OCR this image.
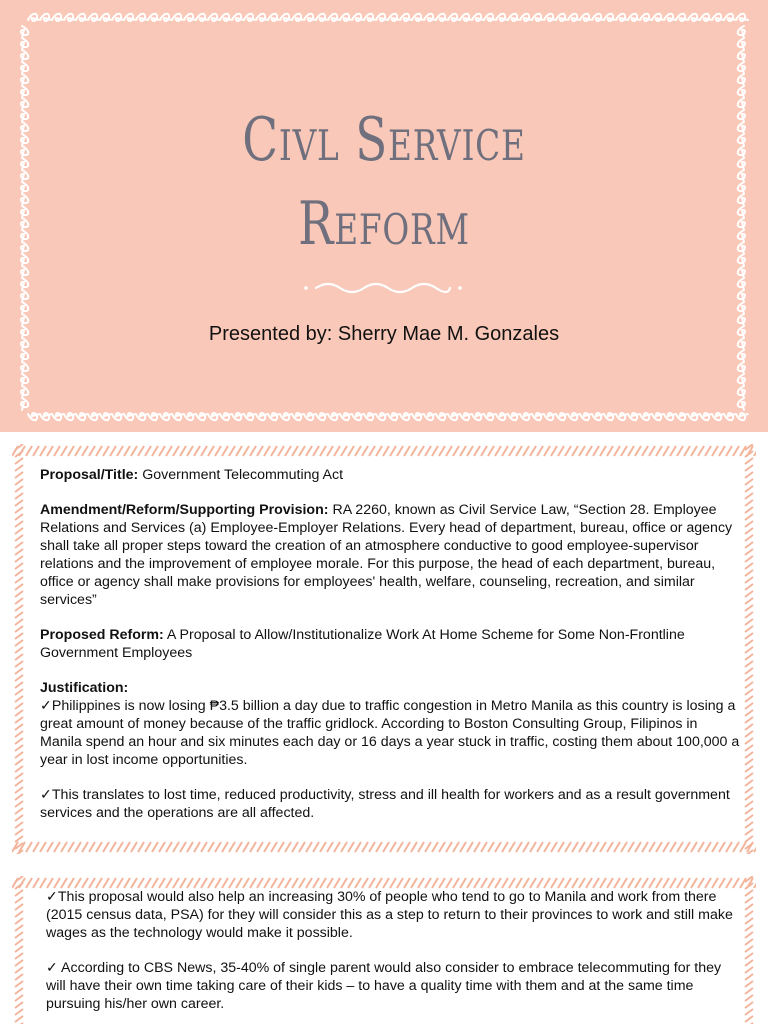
Civl Service
Reform
Presented by: Sherry Mae M. Gonzales

Proposal/Title: Government Telecommuting Act

Amendment/Reform/Supporting Provision: RA 2260, known as Civil Service Law, “Section 28. Employee Relations and Services (a) Employee-Employer Relations. Every head of department, bureau, office or agency shall take all proper steps toward the creation of an atmosphere conductive to good employee-supervisor relations and the improvement of employee morale. For this purpose, the head of each department, bureau, office or agency shall make provisions for employees' health, welfare, counseling, recreation, and similar services”

Proposed Reform: A Proposal to Allow/Institutionalize Work At Home Scheme for Some Non-Frontline Government Employees

Justification:

✓Philippines is now losing ₱3.5 billion a day due to traffic congestion in Metro Manila as this country is losing a great amount of money because of the traffic gridlock. According to Boston Consulting Group, Filipinos in Manila spend an hour and six minutes each day or 16 days a year stuck in traffic, costing them about 100,000 a year in lost income opportunities.

✓This translates to lost time, reduced productivity, stress and ill health for workers and as a result government services and the operations are all affected.

✓This proposal would also help an increasing 30% of people who tend to go to Manila and work from there (2015 census data, PSA) for they will consider this as a step to return to their provinces to work and still make wages as the technology would make it possible.

✓ According to CBS News, 35-40% of single parent would also consider to embrace telecommuting for they will have their own time taking care of their kids – to have a quality time with them and at the same time pursuing his/her own career.
